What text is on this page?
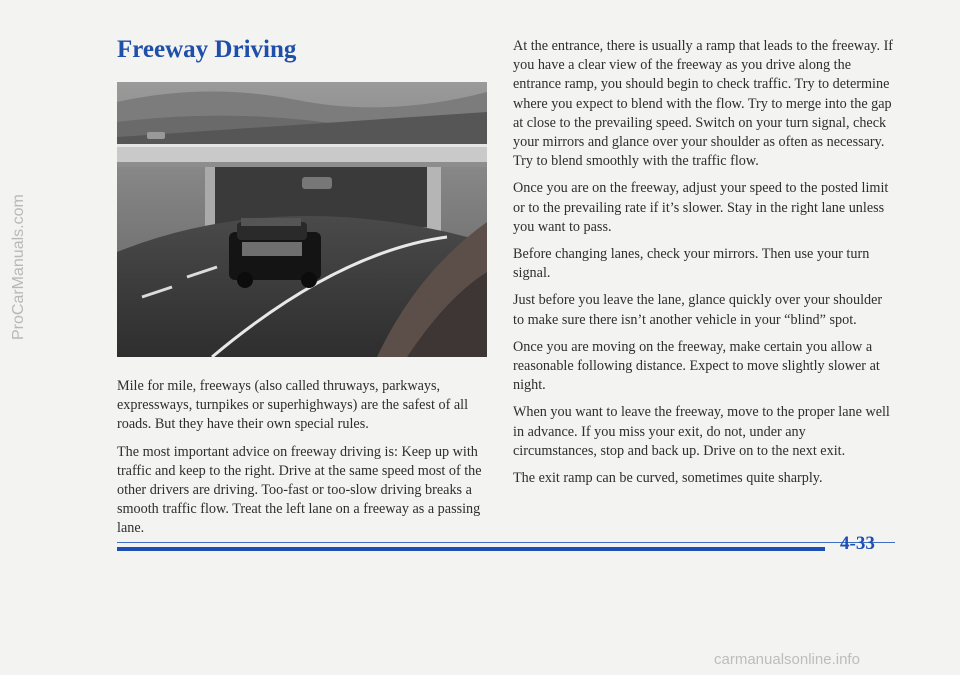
Freeway Driving

Mile for mile, freeways (also called thruways, parkways, expressways, turnpikes or superhighways) are the safest of all roads. But they have their own special rules.

The most important advice on freeway driving is: Keep up with traffic and keep to the right. Drive at the same speed most of the other drivers are driving. Too-fast or too-slow driving breaks a smooth traffic flow. Treat the left lane on a freeway as a passing lane.

At the entrance, there is usually a ramp that leads to the freeway. If you have a clear view of the freeway as you drive along the entrance ramp, you should begin to check traffic. Try to determine where you expect to blend with the flow. Try to merge into the gap at close to the prevailing speed. Switch on your turn signal, check your mirrors and glance over your shoulder as often as necessary. Try to blend smoothly with the traffic flow.

Once you are on the freeway, adjust your speed to the posted limit or to the prevailing rate if it’s slower. Stay in the right lane unless you want to pass.

Before changing lanes, check your mirrors. Then use your turn signal.

Just before you leave the lane, glance quickly over your shoulder to make sure there isn’t another vehicle in your “blind” spot.

Once you are moving on the freeway, make certain you allow a reasonable following distance. Expect to move slightly slower at night.

When you want to leave the freeway, move to the proper lane well in advance. If you miss your exit, do not, under any circumstances, stop and back up. Drive on to the next exit.

The exit ramp can be curved, sometimes quite sharply.

4-33
ProCarManuals.com
carmanualsonline.info
